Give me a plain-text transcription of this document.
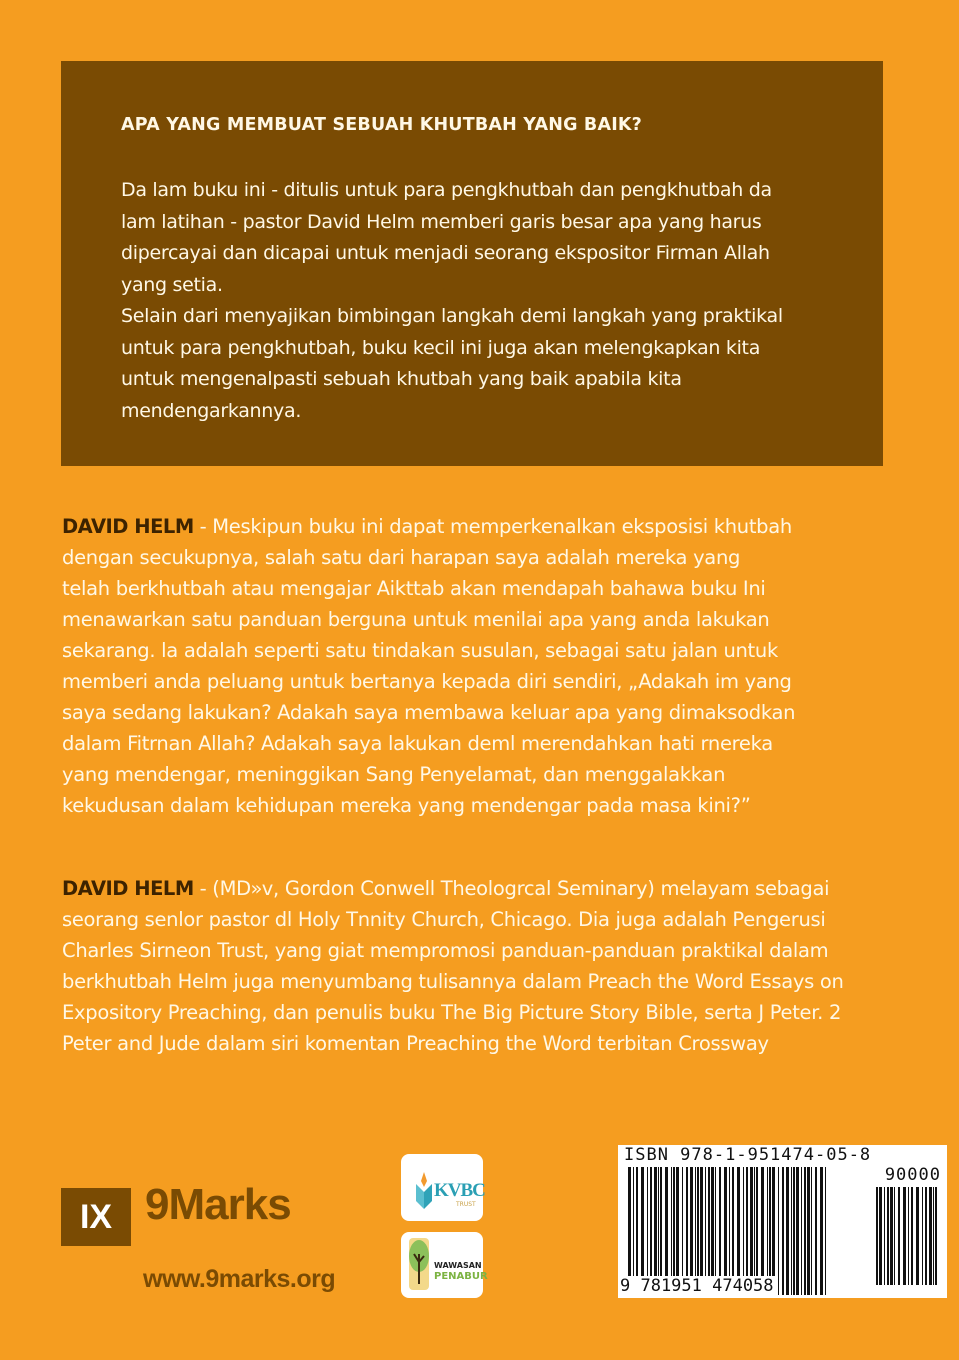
APA YANG MEMBUAT SEBUAH KHUTBAH YANG BAIK?
Da lam buku ini - ditulis untuk para pengkhutbah dan pengkhutbah da
lam latihan - pastor David Helm memberi garis besar apa yang harus
dipercayai dan dicapai untuk menjadi seorang ekspositor Firman Allah
yang setia.
Selain dari menyajikan bimbingan langkah demi langkah yang praktikal
untuk para pengkhutbah, buku kecil ini juga akan melengkapkan kita
untuk mengenalpasti sebuah khutbah yang baik apabila kita
mendengarkannya.
DAVID HELM - Meskipun buku ini dapat memperkenalkan eksposisi khutbah
dengan secukupnya, salah satu dari harapan saya adalah mereka yang
telah berkhutbah atau mengajar Aikttab akan mendapah bahawa buku Ini
menawarkan satu panduan berguna untuk menilai apa yang anda lakukan
sekarang. la adalah seperti satu tindakan susulan, sebagai satu jalan untuk
memberi anda peluang untuk bertanya kepada diri sendiri, „Adakah im yang
saya sedang lakukan? Adakah saya membawa keluar apa yang dimaksodkan
dalam Fitrnan Allah? Adakah saya lakukan deml merendahkan hati rnereka
yang mendengar, meninggikan Sang Penyelamat, dan menggalakkan
kekudusan dalam kehidupan mereka yang mendengar pada masa kini?”
DAVID HELM - (MD»v, Gordon Conwell Theologrcal Seminary) melayam sebagai
seorang senlor pastor dl Holy Tnnity Church, Chicago. Dia juga adalah Pengerusi
Charles Sirneon Trust, yang giat mempromosi panduan-panduan praktikal dalam
berkhutbah Helm juga menyumbang tulisannya dalam Preach the Word Essays on
Expository Preaching, dan penulis buku The Big Picture Story Bible, serta J Peter. 2
Peter and Jude dalam siri komentan Preaching the Word terbitan Crossway
IX 9Marks
www.9marks.org
KVBC
TRUST
WAWASAN
PENABUR
ISBN 978-1-951474-05-8
90000
9 781951 474058
